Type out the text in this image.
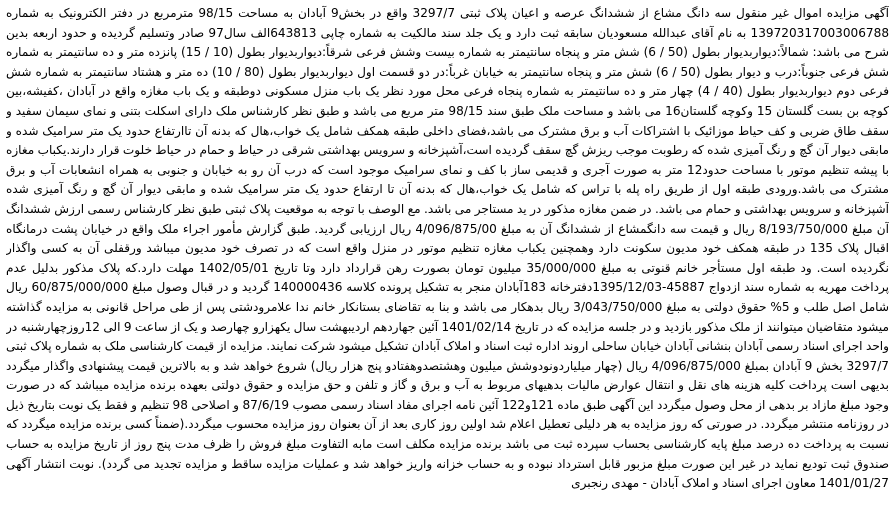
آگهی مزایده اموال غیر منقول سه دانگ مشاع از ششدانگ عرصه و اعیان پلاک ثبتی 3297/7 واقع در بخش9 آبادان به مساحت 98/15 مترمربع در دفتر الکترونیک به شماره 139720317003006788 به نام آقای عبدالله مسعودیان سابقه ثبت دارد و یک جلد سند مالکیت به شماره چاپی 643813الف سال97 صادر وتسلیم گردیده و حدود اربعه بدین شرح می باشد: شمالاً:دیواربدیوار بطول (50 / 6) شش متر و پنجاه سانتیمتر به شماره بیست وشش فرعی شرقاً:دیواربدیوار بطول (10 / 15) پانزده متر و ده سانتیمتر به شماره شش فرعی جنوباً:درب و دیوار بطول (50 / 6) شش متر و پنجاه سانتیمتر به خیابان غرباً:در دو قسمت اول دیواربدیوار بطول (80 / 10) ده متر و هشتاد سانتیمتر به شماره شش فرعی دوم دیواربدیوار بطول (40 / 4) چهار متر و ده سانتیمتر به شماره پنجاه فرعی محل مورد نظر یک باب منزل مسکونی دوطبقه و یک باب مغازه واقع در آبادان ،کفیشه،بین کوچه بن بست گلستان 15 وکوچه گلستان16 می باشد و مساحت ملک طبق سند 98/15 متر مربع می باشد و طبق نظر کارشناس ملک دارای اسکلت بتنی و نمای سیمان سفید و سقف طاق ضربی و کف حیاط موزائیک با اشتراکات آب و برق مشترک می باشد،فضای داخلی طبقه همکف شامل یک خواب،هال که بدنه آن تاارتفاع حدود یک متر سرامیک شده و مابقی دیوار آن گچ و رنگ آمیزی شده که رطوبت موجب ریزش گچ سقف گردیده است،آشپزخانه و سرویس بهداشتی شرقی در حیاط و حمام در حیاط خلوت قرار دارند.یکباب مغازه با پیشه تنظیم موتور با مساحت حدود12 متر به صورت آجری و قدیمی ساز با کف و نمای سرامیک موجود است که درب آن رو به خیابان و جنوبی به همراه انشعابات آب و برق مشترک می باشد.ورودی طبقه اول از طریق راه پله با تراس که شامل یک خواب،هال که بدنه آن تا ارتفاع حدود یک متر سرامیک شده و مابقی دیوار آن گچ و رنگ آمیزی شده آشپزخانه و سرویس بهداشتی و حمام می باشد. در ضمن مغازه مذکور در ید مستاجر می باشد. مع الوصف با توجه به موقعیت پلاک ثبتی طبق نظر کارشناس رسمی ارزش ششدانگ آن مبلغ 8/193/750/000 ریال و قیمت سه دانگمشاع از ششدانگ آن به مبلغ 4/096/875/00 ریال ارزیابی گردید. طبق گزارش مأمور اجراء ملک واقع در خیابان پشت درمانگاه اقبال پلاک 135 در طبقه همکف خود مدیون سکونت دارد وهمچنین یکباب مغازه تنظیم موتور در منزل واقع است که در تصرف خود مدیون میباشد ورقفلی آن به کسی واگذار نگردیده است. ود طبقه اول مستأجر خانم قنوتی به مبلغ 35/000/000 میلیون تومان بصورت رهن قرارداد دارد وتا تاریخ 1402/05/01 مهلت دارد.که پلاک مذکور بدلیل عدم پرداخت مهریه به شماره سند ازدواج 45887-1395/12/03دفترخانه 183آبادان منجر به تشکیل پرونده کلاسه 140000436 گردید و در قبال وصول مبلغ 60/875/000/000 ریال شامل اصل طلب و 5% حقوق دولتی به مبلغ 3/043/750/000 ریال بدهکار می باشد و بنا به تقاضای بستانکار خانم ندا علامرودشتی پس از طی مراحل قانونی به مزایده گذاشته میشود متقاضیان میتوانند از ملک مذکور بازدید و در جلسه مزایده که در تاریخ 1401/02/14 آئین جهاردهم اردیبهشت سال یکهزارو چهارصد و یک از ساعت 9 الی 12روزچهارشنبه در واحد اجرای اسناد رسمی آبادان بنشانی آبادان خیابان ساحلی اروند اداره ثبت اسناد و املاک آبادان تشکیل میشود شرکت نمایند. مزایده از قیمت کارشناسی ملک به شماره پلاک ثبتی 3297/7 بخش 9 آبادان بمبلغ 4/096/875/000 ریال (چهار میلیاردونودوشش میلیون وهشتصدوهفتادو پنج هزار ریال) شروع خواهد شد و به بالاترین قیمت پیشنهادی واگذار میگردد بدیهی است پرداخت کلیه هزینه های نقل و انتقال عوارض مالیات بدهیهای مربوط به آب و برق و گاز و تلفن و حق مزایده و حقوق دولتی بعهده برنده مزایده میباشد که در صورت وجود مبلغ مازاد بر بدهی از محل وصول میگردد این آگهی طبق ماده 121و122 آئین نامه اجرای مفاد اسناد رسمی مصوب 87/6/19 و اصلاحی 98 تنظیم و فقط یک نوبت بتاریخ ذیل در روزنامه منتشر میگردد. در صورتی که روز مزایده به هر دلیلی تعطیل اعلام شد اولین روز کاری بعد از آن بعنوان روز مزایده محسوب میگردد.(ضمناً کسی برنده مزایده میگردد که نسبت به پرداخت ده درصد مبلغ پایه کارشناسی بحساب سپرده ثبت می باشد برنده مزایده مکلف است مابه التفاوت مبلغ فروش را ظرف مدت پنج روز از تاریخ مزایده به حساب صندوق ثبت تودیع نماید در غیر این صورت مبلغ مزبور قابل استرداد نبوده و به حساب خزانه واریز خواهد شد و عملیات مزایده ساقط و مزایده تجدید می گردد). نوبت انتشار آگهی 1401/01/27 معاون اجرای اسناد و املاک آبادان - مهدی رنجبری
